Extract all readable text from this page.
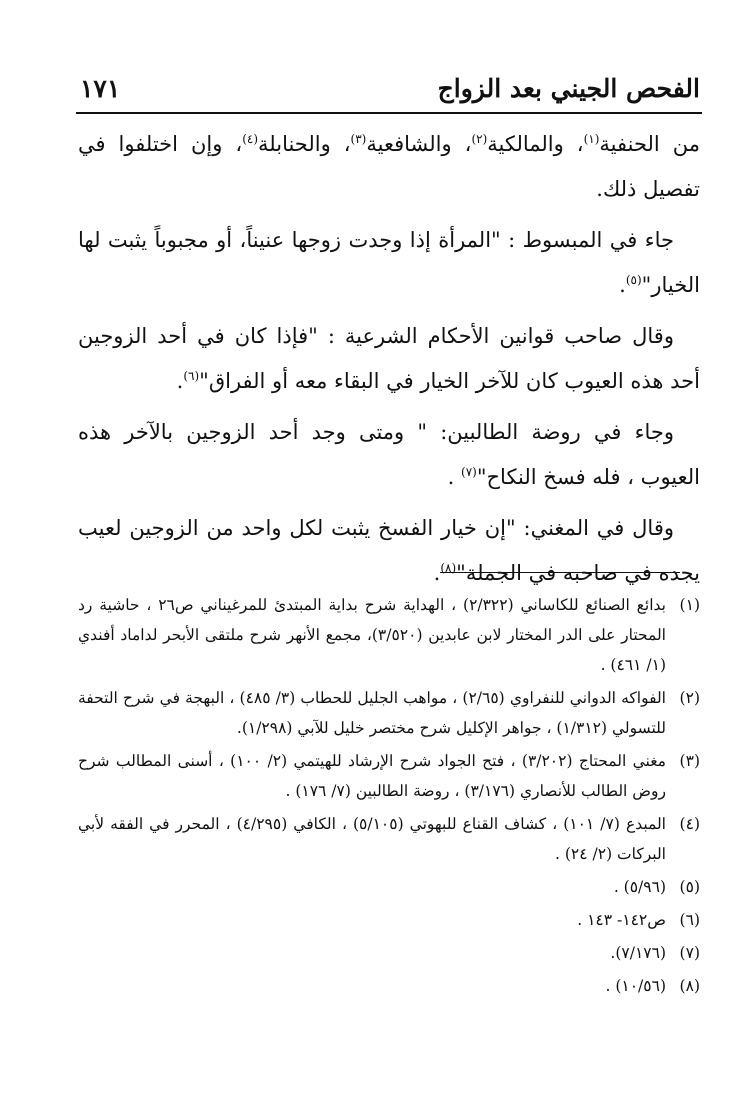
الفحص الجيني بعد الزواج
١٧١

من الحنفية$^{(١)}$، والمالكية$^{(٢)}$، والشافعية$^{(٣)}$، والحنابلة$^{(٤)}$، وإن اختلفوا في تفصيل ذلك.

جاء في المبسوط : "المرأة إذا وجدت زوجها عنيناً، أو مجبوباً يثبت لها الخيار"$^{(٥)}$.

وقال صاحب قوانين الأحكام الشرعية : "فإذا كان في أحد الزوجين أحد هذه العيوب كان للآخر الخيار في البقاء معه أو الفراق"$^{(٦)}$.

وجاء في روضة الطالبين: " ومتى وجد أحد الزوجين بالآخر هذه العيوب ، فله فسخ النكاح"$^{(٧)}$ .

وقال في المغني: "إن خيار الفسخ يثبت لكل واحد من الزوجين لعيب يجده في صاحبه في الجملة"$^{(٨)}$.

(١)
بدائع الصنائع للكاساني (٢/٣٢٢) ، الهداية شرح بداية المبتدئ للمرغيناني ص٢٦ ، حاشية رد المحتار على الدر المختار لابن عابدين (٣/٥٢٠)، مجمع الأنهر شرح ملتقى الأبحر لداماد أفندي (١/ ٤٦١) .
(٢)
الفواكه الدواني للنفراوي (٢/٦٥) ، مواهب الجليل للحطاب (٣/ ٤٨٥) ، البهجة في شرح التحفة للتسولي (١/٣١٢) ، جواهر الإكليل شرح مختصر خليل للآبي (١/٢٩٨).
(٣)
مغني المحتاج (٣/٢٠٢) ، فتح الجواد شرح الإرشاد للهيتمي (٢/ ١٠٠) ، أسنى المطالب شرح روض الطالب للأنصاري (٣/١٧٦) ، روضة الطالبين (٧/ ١٧٦) .
(٤)
المبدع (٧/ ١٠١) ، كشاف القناع للبهوتي (٥/١٠٥) ، الكافي (٤/٢٩٥) ، المحرر في الفقه لأبي البركات (٢/ ٢٤) .
(٥)
(٥/٩٦) .
(٦)
ص١٤٢- ١٤٣ .
(٧)
(٧/١٧٦).
(٨)
(١٠/٥٦) .
